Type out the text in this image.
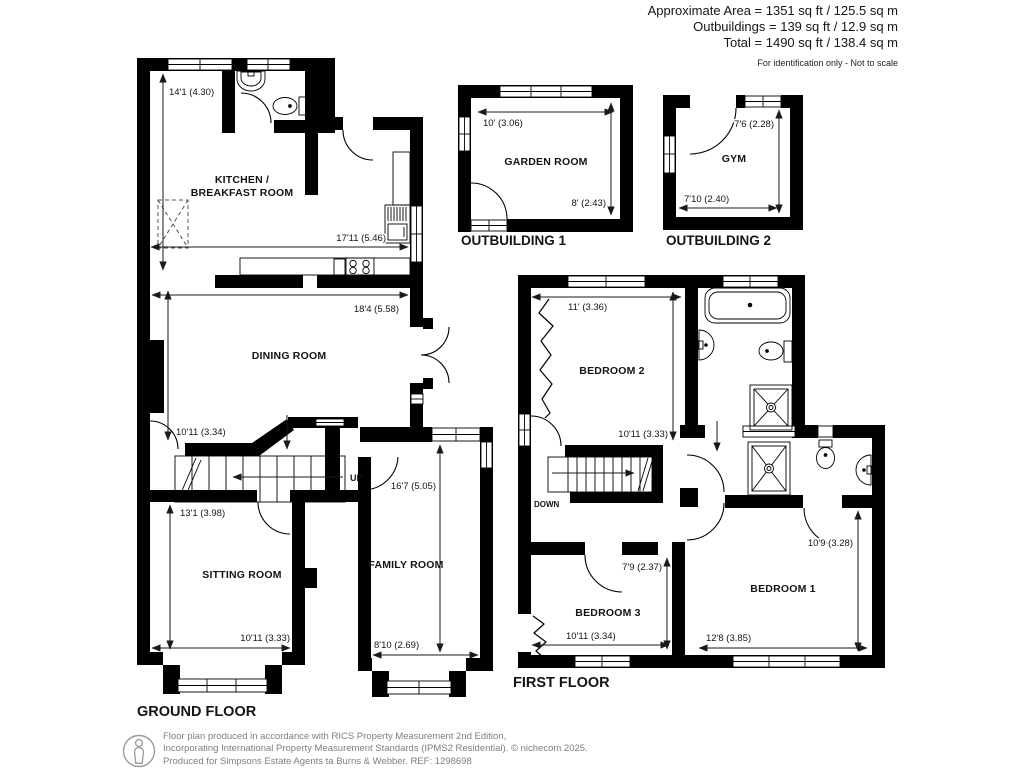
Approximate Area = 1351 sq ft / 125.5 sq m
Outbuildings = 139 sq ft / 12.9 sq m
Total = 1490 sq ft / 138.4 sq m
For identification only - Not to scale
UP
14'1 (4.30)
17'11 (5.46)
18'4 (5.58)
10'11 (3.34)
13'1 (3.98)
10'11 (3.33)
16'7 (5.05)
8'10 (2.69)
KITCHEN /
BREAKFAST ROOM
DINING ROOM
SITTING ROOM
FAMILY ROOM
GROUND FLOOR
10' (3.06)
8' (2.43)
GARDEN ROOM
OUTBUILDING 1
7'6 (2.28)
7'10 (2.40)
GYM
OUTBUILDING 2
DOWN
11' (3.36)
10'11 (3.33)
7'9 (2.37)
10'11 (3.34)
10'9 (3.28)
12'8 (3.85)
BEDROOM 2
BEDROOM 3
BEDROOM 1
FIRST FLOOR
Floor plan produced in accordance with RICS Property Measurement 2nd Edition,
Incorporating International Property Measurement Standards (IPMS2 Residential). © nichecom 2025.
Produced for Simpsons Estate Agents ta Burns & Webber. REF: 1298698
